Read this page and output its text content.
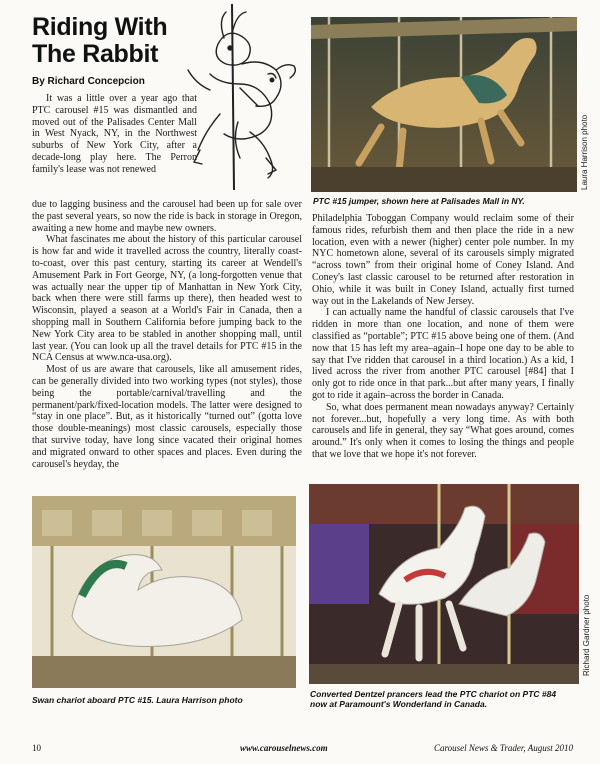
Riding With
The Rabbit
By Richard Concepcion

It was a little over a year ago that PTC carousel #15 was dismantled and moved out of the Palisades Center Mall in West Nyack, NY, in the Northwest suburbs of New York City, after a decade-long play here. The Perron family's lease was not renewed

due to lagging business and the carousel had been up for sale over the past several years, so now the ride is back in storage in Oregon, awaiting a new home and maybe new owners.

What fascinates me about the history of this particular carousel is how far and wide it travelled across the country, literally coast-to-coast, over this past century, starting its career at Wendell's Amusement Park in Fort George, NY, (a long-forgotten venue that was actually near the upper tip of Manhattan in New York City, back when there were still farms up there), then headed west to Wisconsin, played a season at a World's Fair in Canada, then a shopping mall in Southern California before jumping back to the New York City area to be stabled in another shopping mall, until last year. (You can look up all the travel details for PTC #15 in the NCA Census at www.nca-usa.org).

Most of us are aware that carousels, like all amusement rides, can be generally divided into two working types (not styles), those being the portable/carnival/travelling and the permanent/park/fixed-location models. The latter were designed to “stay in one place”. But, as it historically “turned out” (gotta love those double-meanings) most classic carousels, especially those that survive today, have long since vacated their original homes and migrated onward to other spaces and places. Even during the carousel's heyday, the

Laura Harrison photo
PTC #15 jumper, shown here at Palisades Mall in NY.

Philadelphia Toboggan Company would reclaim some of their famous rides, refurbish them and then place the ride in a new location, even with a newer (higher) center pole number. In my NYC hometown alone, several of its carousels simply migrated “across town” from their original home of Coney Island. And Coney's last classic carousel to be returned after restoration in Ohio, while it was built in Coney Island, actually first turned way out in the Lakelands of New Jersey.

I can actually name the handful of classic carousels that I've ridden in more than one location, and none of them were classified as “portable”; PTC #15 above being one of them. (And now that 15 has left my area–again–I hope one day to be able to say that I've ridden that carousel in a third location.) As a kid, I lived across the river from another PTC carousel [#84] that I only got to ride once in that park...but after many years, I finally got to ride it again–across the border in Canada.

So, what does permanent mean nowadays anyway? Certainly not forever...but, hopefully a very long time. As with both carousels and life in general, they say “What goes around, comes around.” It's only when it comes to losing the things and people that we love that we hope it's not forever.

Swan chariot aboard PTC #15. Laura Harrison photo
Richard Gardner photo
Converted Dentzel prancers lead the PTC chariot on PTC #84
now at Paramount's Wonderland in Canada.
10	www.carouselnews.com	Carousel News & Trader, August 2010
